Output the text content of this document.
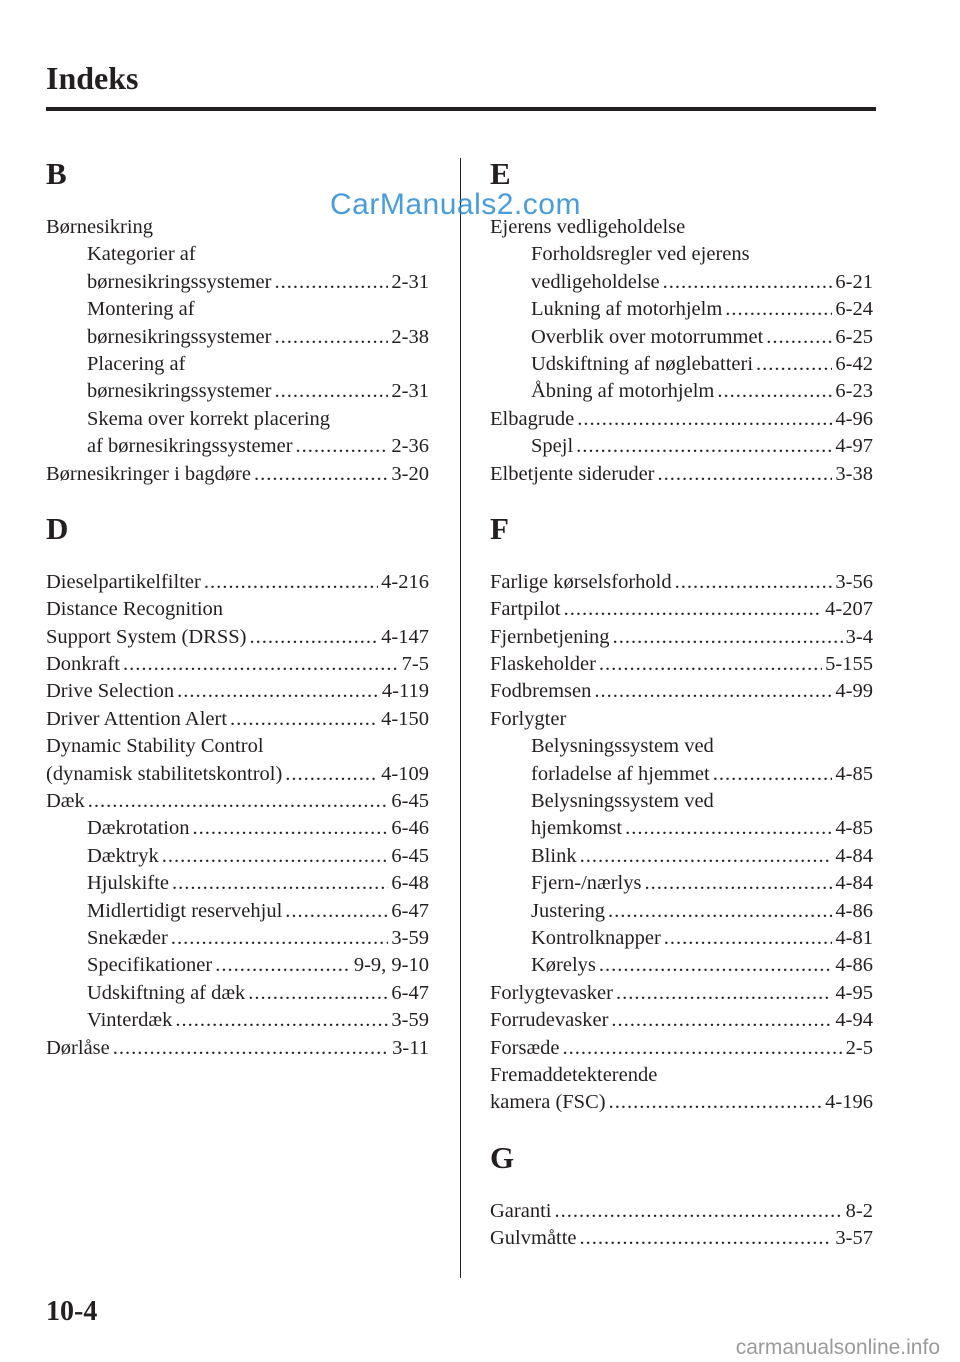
Indeks
B
Børnesikring
Kategorier af
børnesikringssystemer .....	2-31
Montering af
børnesikringssystemer .....	2-38
Placering af
børnesikringssystemer .....	2-31
Skema over korrekt placering
af børnesikringssystemer .....	2-36
Børnesikringer i bagdøre .....	3-20
D
Dieselpartikelfilter .....	4-216
Distance Recognition
Support System (DRSS) .....	4-147
Donkraft .....	7-5
Drive Selection .....	4-119
Driver Attention Alert .....	4-150
Dynamic Stability Control
(dynamisk stabilitetskontrol) .....	4-109
Dæk .....	6-45
Dækrotation .....	6-46
Dæktryk .....	6-45
Hjulskifte .....	6-48
Midlertidigt reservehjul .....	6-47
Snekæder .....	3-59
Specifikationer .....	9-9, 9-10
Udskiftning af dæk .....	6-47
Vinterdæk .....	3-59
Dørlåse .....	3-11
E
Ejerens vedligeholdelse
Forholdsregler ved ejerens
vedligeholdelse .....	6-21
Lukning af motorhjelm .....	6-24
Overblik over motorrummet .....	6-25
Udskiftning af nøglebatteri .....	6-42
Åbning af motorhjelm .....	6-23
Elbagrude .....	4-96
Spejl .....	4-97
Elbetjente sideruder .....	3-38
F
Farlige kørselsforhold .....	3-56
Fartpilot .....	4-207
Fjernbetjening .....	3-4
Flaskeholder .....	5-155
Fodbremsen .....	4-99
Forlygter
Belysningssystem ved
forladelse af hjemmet .....	4-85
Belysningssystem ved
hjemkomst .....	4-85
Blink .....	4-84
Fjern-/nærlys .....	4-84
Justering .....	4-86
Kontrolknapper .....	4-81
Kørelys .....	4-86
Forlygtevasker .....	4-95
Forrudevasker .....	4-94
Forsæde .....	2-5
Fremaddetekterende
kamera (FSC) .....	4-196
G
Garanti .....	8-2
Gulvmåtte .....	3-57
CarManuals2.com
10-4
carmanualsonline.info
